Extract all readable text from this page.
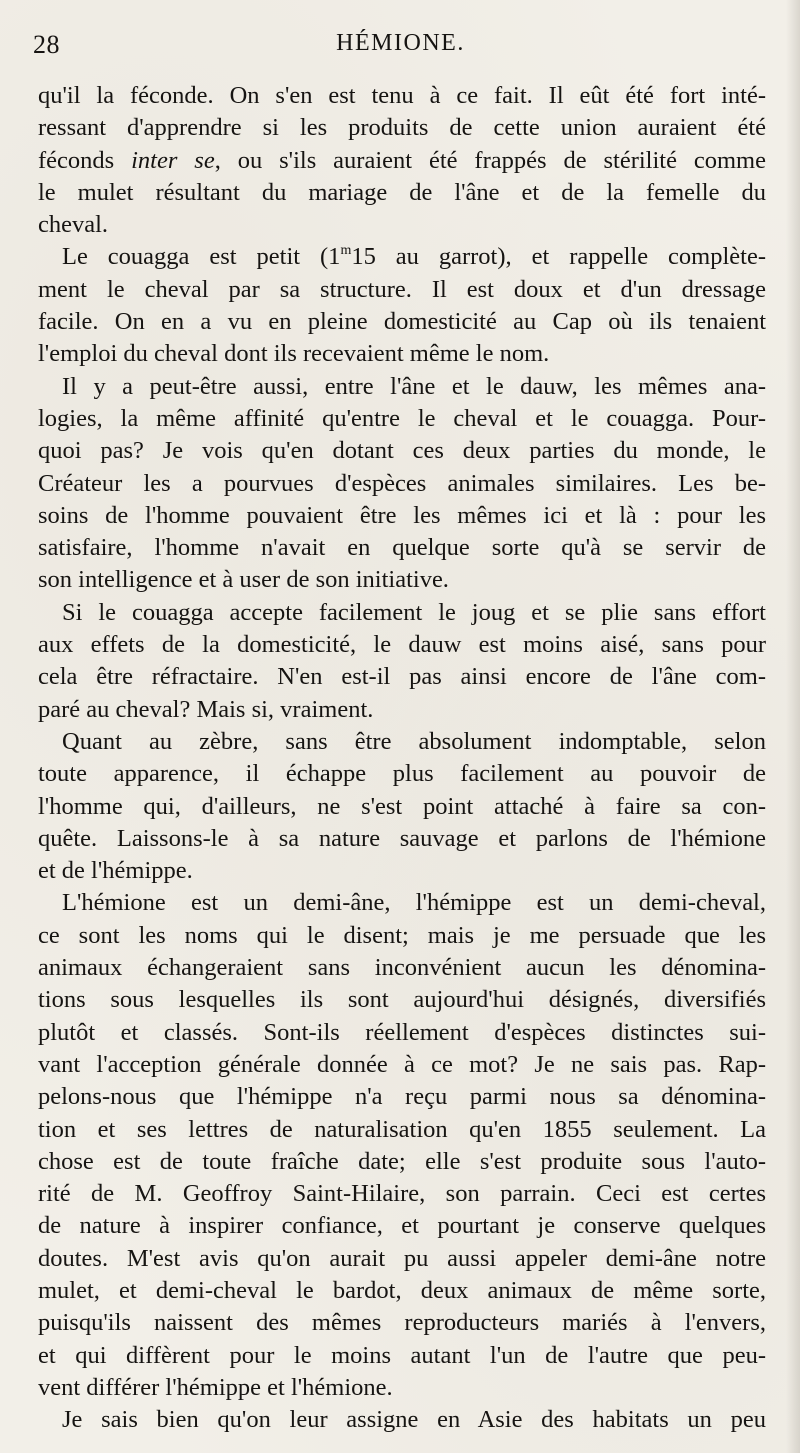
28	HÉMIONE.
qu'il la féconde. On s'en est tenu à ce fait. Il eût été fort inté-
ressant d'apprendre si les produits de cette union auraient été
féconds inter se, ou s'ils auraient été frappés de stérilité comme
le mulet résultant du mariage de l'âne et de la femelle du
cheval.
Le couagga est petit (1$^m$15 au garrot), et rappelle complète-
ment le cheval par sa structure. Il est doux et d'un dressage
facile. On en a vu en pleine domesticité au Cap où ils tenaient
l'emploi du cheval dont ils recevaient même le nom.
Il y a peut-être aussi, entre l'âne et le dauw, les mêmes ana-
logies, la même affinité qu'entre le cheval et le couagga. Pour-
quoi pas? Je vois qu'en dotant ces deux parties du monde, le
Créateur les a pourvues d'espèces animales similaires. Les be-
soins de l'homme pouvaient être les mêmes ici et là : pour les
satisfaire, l'homme n'avait en quelque sorte qu'à se servir de
son intelligence et à user de son initiative.
Si le couagga accepte facilement le joug et se plie sans effort
aux effets de la domesticité, le dauw est moins aisé, sans pour
cela être réfractaire. N'en est-il pas ainsi encore de l'âne com-
paré au cheval? Mais si, vraiment.
Quant au zèbre, sans être absolument indomptable, selon
toute apparence, il échappe plus facilement au pouvoir de
l'homme qui, d'ailleurs, ne s'est point attaché à faire sa con-
quête. Laissons-le à sa nature sauvage et parlons de l'hémione
et de l'hémippe.
L'hémione est un demi-âne, l'hémippe est un demi-cheval,
ce sont les noms qui le disent; mais je me persuade que les
animaux échangeraient sans inconvénient aucun les dénomina-
tions sous lesquelles ils sont aujourd'hui désignés, diversifiés
plutôt et classés. Sont-ils réellement d'espèces distinctes sui-
vant l'acception générale donnée à ce mot? Je ne sais pas. Rap-
pelons-nous que l'hémippe n'a reçu parmi nous sa dénomina-
tion et ses lettres de naturalisation qu'en 1855 seulement. La
chose est de toute fraîche date; elle s'est produite sous l'auto-
rité de M. Geoffroy Saint-Hilaire, son parrain. Ceci est certes
de nature à inspirer confiance, et pourtant je conserve quelques
doutes. M'est avis qu'on aurait pu aussi appeler demi-âne notre
mulet, et demi-cheval le bardot, deux animaux de même sorte,
puisqu'ils naissent des mêmes reproducteurs mariés à l'envers,
et qui diffèrent pour le moins autant l'un de l'autre que peu-
vent différer l'hémippe et l'hémione.
Je sais bien qu'on leur assigne en Asie des habitats un peu
